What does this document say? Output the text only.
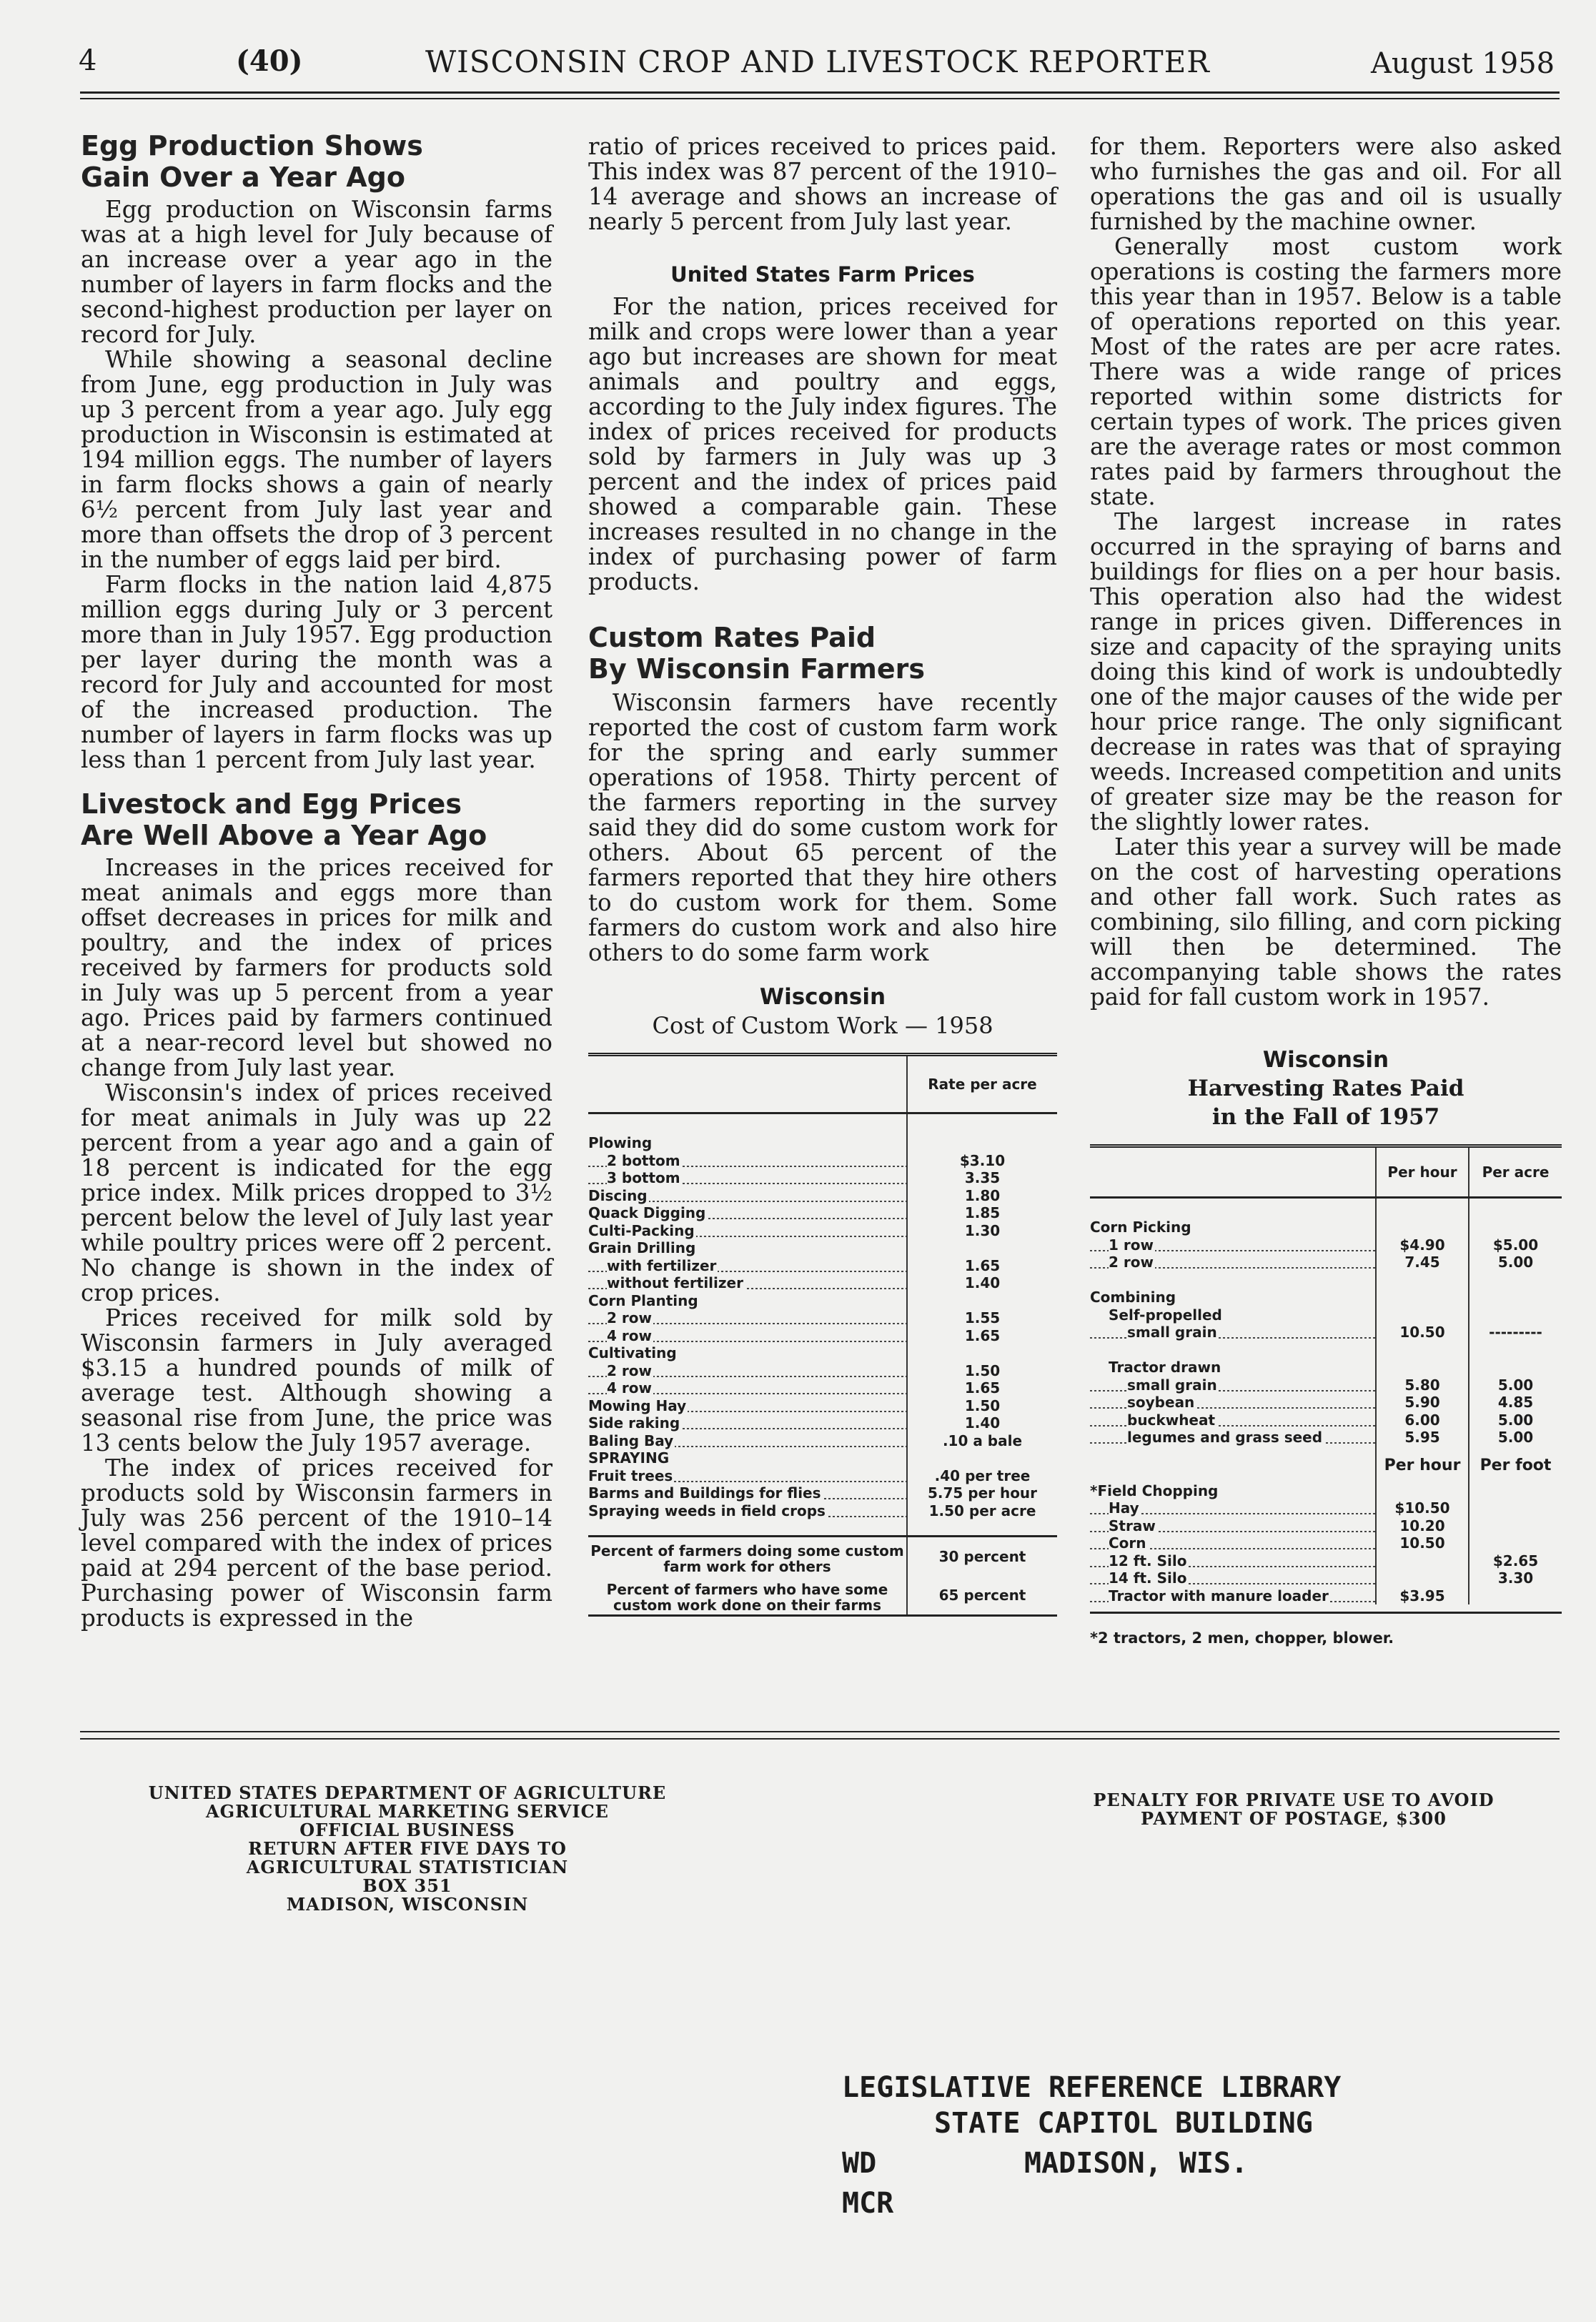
4	(40)	WISCONSIN CROP AND LIVESTOCK REPORTER	August 1958
Egg Production Shows
Gain Over a Year Ago

Egg production on Wisconsin farms was at a high level for July because of an increase over a year ago in the number of layers in farm flocks and the second-highest production per layer on record for July.

While showing a seasonal decline from June, egg production in July was up 3 percent from a year ago. July egg production in Wisconsin is estimated at 194 million eggs. The number of layers in farm flocks shows a gain of nearly 6½ percent from July last year and more than offsets the drop of 3 percent in the number of eggs laid per bird.

Farm flocks in the nation laid 4,875 million eggs during July or 3 percent more than in July 1957. Egg production per layer during the month was a record for July and accounted for most of the increased production. The number of layers in farm flocks was up less than 1 percent from July last year.

Livestock and Egg Prices
Are Well Above a Year Ago

Increases in the prices received for meat animals and eggs more than offset decreases in prices for milk and poultry, and the index of prices received by farmers for products sold in July was up 5 percent from a year ago. Prices paid by farmers continued at a near-record level but showed no change from July last year.

Wisconsin's index of prices received for meat animals in July was up 22 percent from a year ago and a gain of 18 percent is indicated for the egg price index. Milk prices dropped to 3½ percent below the level of July last year while poultry prices were off 2 percent. No change is shown in the index of crop prices.

Prices received for milk sold by Wisconsin farmers in July averaged $3.15 a hundred pounds of milk of average test. Although showing a seasonal rise from June, the price was 13 cents below the July 1957 average.

The index of prices received for products sold by Wisconsin farmers in July was 256 percent of the 1910–14 level compared with the index of prices paid at 294 percent of the base period. Purchasing power of Wisconsin farm products is expressed in the

ratio of prices received to prices paid. This index was 87 percent of the 1910–14 average and shows an increase of nearly 5 percent from July last year.

United States Farm Prices

For the nation, prices received for milk and crops were lower than a year ago but increases are shown for meat animals and poultry and eggs, according to the July index figures. The index of prices received for products sold by farmers in July was up 3 percent and the index of prices paid showed a comparable gain. These increases resulted in no change in the index of purchasing power of farm products.

Custom Rates Paid
By Wisconsin Farmers

Wisconsin farmers have recently reported the cost of custom farm work for the spring and early summer operations of 1958. Thirty percent of the farmers reporting in the survey said they did do some custom work for others. About 65 percent of the farmers reported that they hire others to do custom work for them. Some farmers do custom work and also hire others to do some farm work

Wisconsin
Cost of Custom Work — 1958
	Rate per acre

Plowing	
2 bottom	$3.10
3 bottom	3.35
Discing	1.80
Quack Digging	1.85
Culti-Packing	1.30
Grain Drilling	
with fertilizer	1.65
without fertilizer	1.40
Corn Planting	
2 row	1.55
4 row	1.65
Cultivating	
2 row	1.50
4 row	1.65
Mowing Hay	1.50
Side raking	1.40
Baling Bay	.10 a bale
SPRAYING	
Fruit trees	.40 per tree
Barms and Buildings for flies	5.75 per hour
Spraying weeds in field crops	1.50 per acre

Percent of farmers doing some custom
farm work for others	30 percent

Percent of farmers who have some
custom work done on their farms	65 percent

for them. Reporters were also asked who furnishes the gas and oil. For all operations the gas and oil is usually furnished by the machine owner.

Generally most custom work operations is costing the farmers more this year than in 1957. Below is a table of operations reported on this year. Most of the rates are per acre rates. There was a wide range of prices reported within some districts for certain types of work. The prices given are the average rates or most common rates paid by farmers throughout the state.

The largest increase in rates occurred in the spraying of barns and buildings for flies on a per hour basis. This operation also had the widest range in prices given. Differences in size and capacity of the spraying units doing this kind of work is undoubtedly one of the major causes of the wide per hour price range. The only significant decrease in rates was that of spraying weeds. Increased competition and units of greater size may be the reason for the slightly lower rates.

Later this year a survey will be made on the cost of harvesting operations and other fall work. Such rates as combining, silo filling, and corn picking will then be determined. The accompanying table shows the rates paid for fall custom work in 1957.

Wisconsin
Harvesting Rates Paid
in the Fall of 1957
	Per hour	Per acre

Corn Picking		
1 row	$4.90	$5.00
2 row	7.45	5.00

Combining		
Self-propelled		
small grain	10.50	---------

Tractor drawn		
small grain	5.80	5.00
soybean	5.90	4.85
buckwheat	6.00	5.00
legumes and grass seed	5.95	5.00
	Per hour	Per foot

*Field Chopping		
Hay	$10.50	
Straw	10.20	
Corn	10.50	
12 ft. Silo		$2.65
14 ft. Silo		3.30
Tractor with manure loader	$3.95	
*2 tractors, 2 men, chopper, blower.
UNITED STATES DEPARTMENT OF AGRICULTURE
AGRICULTURAL MARKETING SERVICE
OFFICIAL BUSINESS
RETURN AFTER FIVE DAYS TO
AGRICULTURAL STATISTICIAN
BOX 351
MADISON, WISCONSIN
PENALTY FOR PRIVATE USE TO AVOID
PAYMENT OF POSTAGE, $300
LEGISLATIVE REFERENCE LIBRARY
STATE CAPITOL BUILDING
WD	MADISON, WIS.
MCR
